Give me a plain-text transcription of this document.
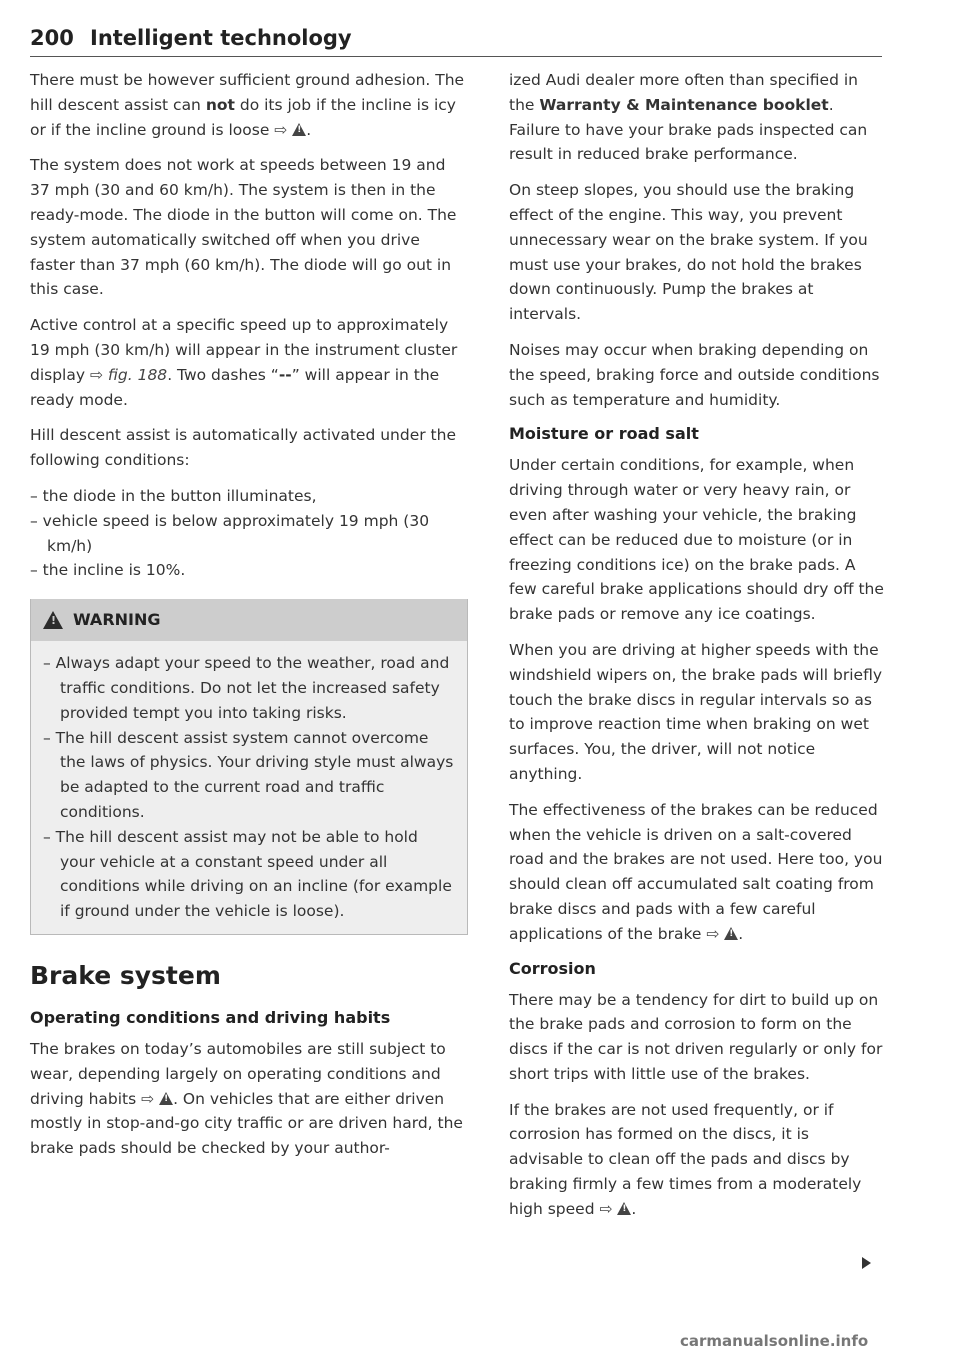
200 Intelligent technology

There must be however sufficient ground adhesion. The hill descent assist can not do its job if the incline is icy or if the incline ground is loose ⇨ ! .

The system does not work at speeds between 19 and 37 mph (30 and 60 km/h). The system is then in the ready-mode. The diode in the button will come on. The system automatically switched off when you drive faster than 37 mph (60 km/h). The diode will go out in this case.

Active control at a specific speed up to approximately 19 mph (30 km/h) will appear in the instrument cluster display ⇨ fig. 188. Two dashes “--” will appear in the ready mode.

Hill descent assist is automatically activated under the following conditions:

– the diode in the button illuminates,
– vehicle speed is below approximately 19 mph (30 km/h)
– the incline is 10%.
!
WARNING
– Always adapt your speed to the weather, road and traffic conditions. Do not let the increased safety provided tempt you into taking risks.
– The hill descent assist system cannot overcome the laws of physics. Your driving style must always be adapted to the current road and traffic conditions.
– The hill descent assist may not be able to hold your vehicle at a constant speed under all conditions while driving on an incline (for example if ground under the vehicle is loose).
Brake system
Operating conditions and driving habits

The brakes on today’s automobiles are still subject to wear, depending largely on operating conditions and driving habits ⇨ ! . On vehicles that are either driven mostly in stop-and-go city traffic or are driven hard, the brake pads should be checked by your author-

ized Audi dealer more often than specified in the Warranty & Maintenance booklet. Failure to have your brake pads inspected can result in reduced brake performance.

On steep slopes, you should use the braking effect of the engine. This way, you prevent unnecessary wear on the brake system. If you must use your brakes, do not hold the brakes down continuously. Pump the brakes at intervals.

Noises may occur when braking depending on the speed, braking force and outside conditions such as temperature and humidity.

Moisture or road salt

Under certain conditions, for example, when driving through water or very heavy rain, or even after washing your vehicle, the braking effect can be reduced due to moisture (or in freezing conditions ice) on the brake pads. A few careful brake applications should dry off the brake pads or remove any ice coatings.

When you are driving at higher speeds with the windshield wipers on, the brake pads will briefly touch the brake discs in regular intervals so as to improve reaction time when braking on wet surfaces. You, the driver, will not notice anything.

The effectiveness of the brakes can be reduced when the vehicle is driven on a salt-covered road and the brakes are not used. Here too, you should clean off accumulated salt coating from brake discs and pads with a few careful applications of the brake ⇨ ! .

Corrosion

There may be a tendency for dirt to build up on the brake pads and corrosion to form on the discs if the car is not driven regularly or only for short trips with little use of the brakes.

If the brakes are not used frequently, or if corrosion has formed on the discs, it is advisable to clean off the pads and discs by braking firmly a few times from a moderately high speed ⇨ ! .

carmanualsonline.info
